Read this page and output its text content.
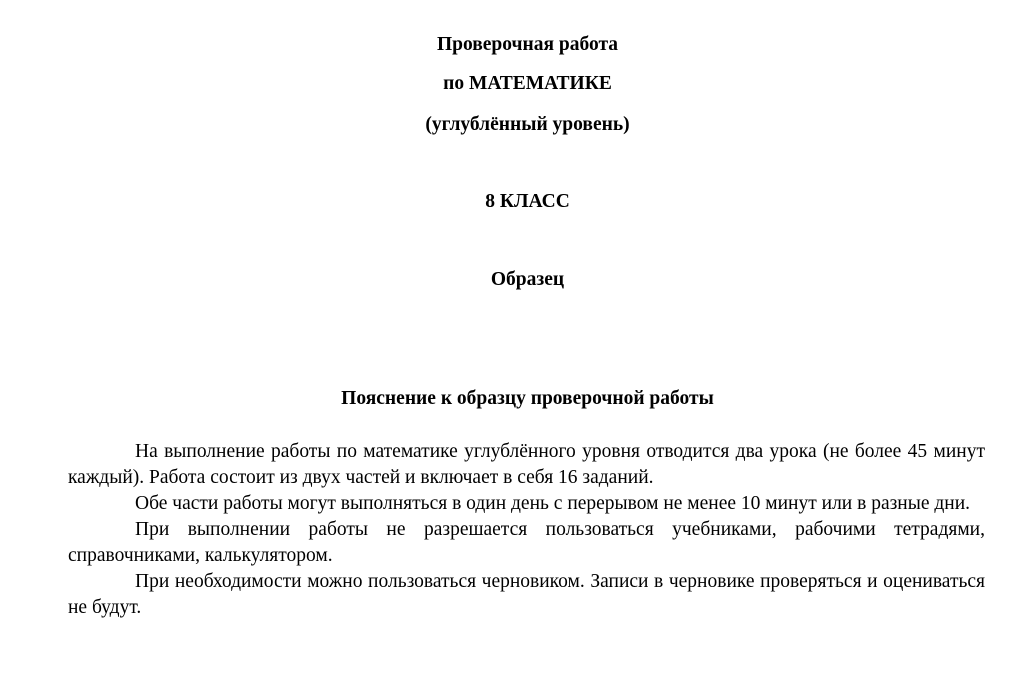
Проверочная работа
по МАТЕМАТИКЕ
(углублённый уровень)
8 КЛАСС
Образец
Пояснение к образцу проверочной работы

На выполнение работы по математике углублённого уровня отводится два урока (не более 45 минут каждый). Работа состоит из двух частей и включает в себя 16 заданий.

Обе части работы могут выполняться в один день с перерывом не менее 10 минут или в разные дни.

При выполнении работы не разрешается пользоваться учебниками, рабочими тетрадями, справочниками, калькулятором.

При необходимости можно пользоваться черновиком. Записи в черновике проверяться и оцениваться не будут.
